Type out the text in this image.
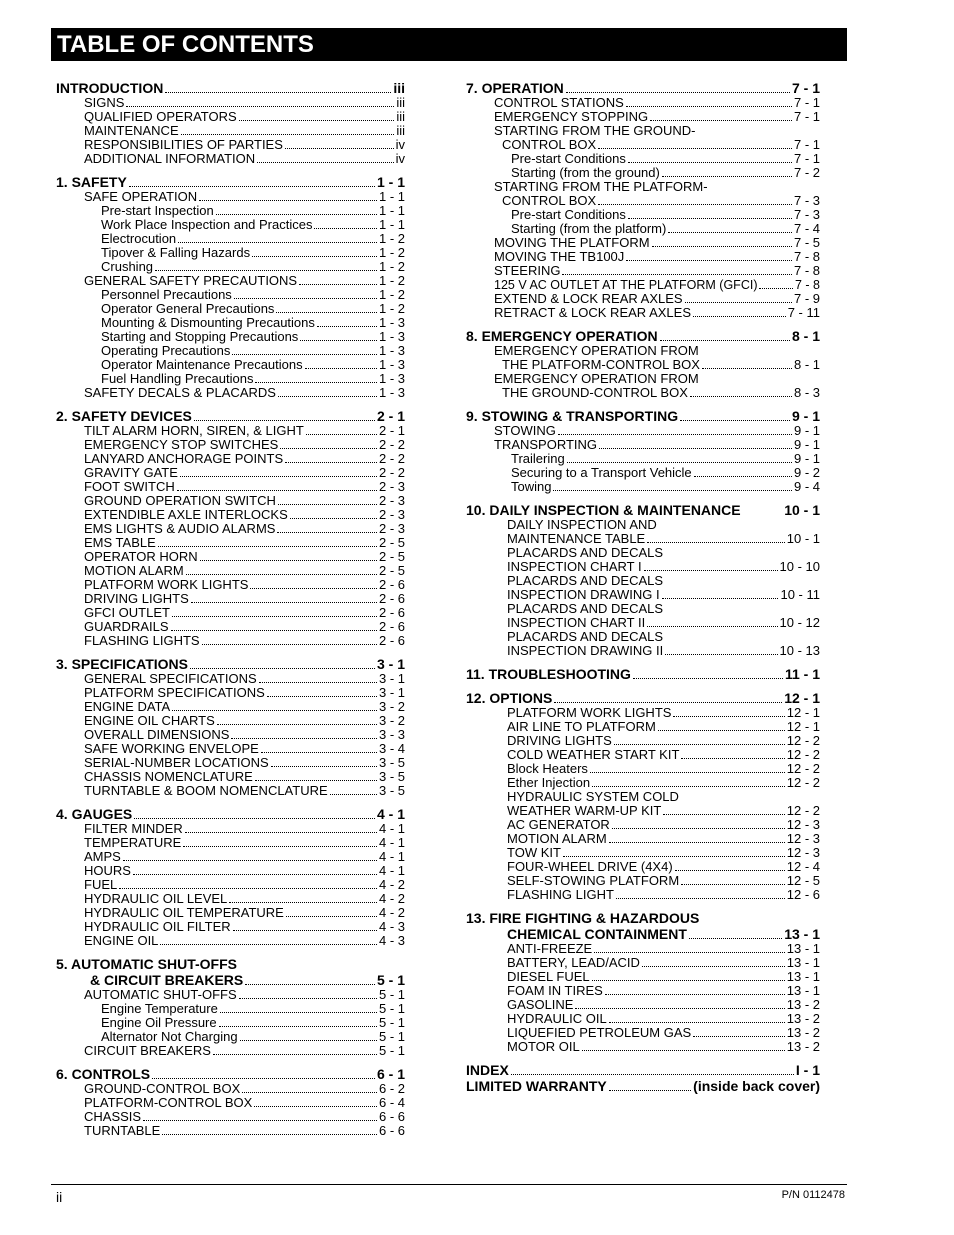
TABLE OF CONTENTS
INTRODUCTION	iii
SIGNS	iii
QUALIFIED OPERATORS	iii
MAINTENANCE	iii
RESPONSIBILITIES OF PARTIES	iv
ADDITIONAL INFORMATION	iv
1. SAFETY	1 - 1
SAFE OPERATION	1 - 1
Pre-start Inspection	1 - 1
Work Place Inspection and Practices	1 - 1
Electrocution	1 - 2
Tipover & Falling Hazards	1 - 2
Crushing	1 - 2
GENERAL SAFETY PRECAUTIONS	1 - 2
Personnel Precautions	1 - 2
Operator General Precautions	1 - 2
Mounting & Dismounting Precautions	1 - 3
Starting and Stopping Precautions	1 - 3
Operating Precautions	1 - 3
Operator Maintenance Precautions	1 - 3
Fuel Handling Precautions	1 - 3
SAFETY DECALS & PLACARDS	1 - 3
2. SAFETY DEVICES	2 - 1
TILT ALARM HORN, SIREN, & LIGHT	2 - 1
EMERGENCY STOP SWITCHES	2 - 2
LANYARD ANCHORAGE POINTS	2 - 2
GRAVITY GATE	2 - 2
FOOT SWITCH	2 - 3
GROUND OPERATION SWITCH	2 - 3
EXTENDIBLE AXLE INTERLOCKS	2 - 3
EMS LIGHTS & AUDIO ALARMS	2 - 3
EMS TABLE	2 - 5
OPERATOR HORN	2 - 5
MOTION ALARM	2 - 5
PLATFORM WORK LIGHTS	2 - 6
DRIVING LIGHTS	2 - 6
GFCI OUTLET	2 - 6
GUARDRAILS	2 - 6
FLASHING LIGHTS	2 - 6
3. SPECIFICATIONS	3 - 1
GENERAL SPECIFICATIONS	3 - 1
PLATFORM SPECIFICATIONS	3 - 1
ENGINE DATA	3 - 2
ENGINE OIL CHARTS	3 - 2
OVERALL DIMENSIONS	3 - 3
SAFE WORKING ENVELOPE	3 - 4
SERIAL-NUMBER LOCATIONS	3 - 5
CHASSIS NOMENCLATURE	3 - 5
TURNTABLE & BOOM NOMENCLATURE	3 - 5
4. GAUGES	4 - 1
FILTER MINDER	4 - 1
TEMPERATURE	4 - 1
AMPS	4 - 1
HOURS	4 - 1
FUEL	4 - 2
HYDRAULIC OIL LEVEL	4 - 2
HYDRAULIC OIL TEMPERATURE	4 - 2
HYDRAULIC OIL FILTER	4 - 3
ENGINE OIL	4 - 3
5. AUTOMATIC SHUT-OFFS
& CIRCUIT BREAKERS	5 - 1
AUTOMATIC SHUT-OFFS	5 - 1
Engine Temperature	5 - 1
Engine Oil Pressure	5 - 1
Alternator Not Charging	5 - 1
CIRCUIT BREAKERS	5 - 1
6. CONTROLS	6 - 1
GROUND-CONTROL BOX	6 - 2
PLATFORM-CONTROL BOX	6 - 4
CHASSIS	6 - 6
TURNTABLE	6 - 6
7. OPERATION	7 - 1
CONTROL STATIONS	7 - 1
EMERGENCY STOPPING	7 - 1
STARTING FROM THE GROUND-
CONTROL BOX	7 - 1
Pre-start Conditions	7 - 1
Starting (from the ground)	7 - 2
STARTING FROM THE PLATFORM-
CONTROL BOX	7 - 3
Pre-start Conditions	7 - 3
Starting (from the platform)	7 - 4
MOVING THE PLATFORM	7 - 5
MOVING THE TB100J	7 - 8
STEERING	7 - 8
125 V AC OUTLET AT THE PLATFORM (GFCI)	7 - 8
EXTEND & LOCK REAR AXLES	7 - 9
RETRACT & LOCK REAR AXLES	7 - 11
8. EMERGENCY OPERATION	8 - 1
EMERGENCY OPERATION FROM
THE PLATFORM-CONTROL BOX	8 - 1
EMERGENCY OPERATION FROM
THE GROUND-CONTROL BOX	8 - 3
9. STOWING & TRANSPORTING	9 - 1
STOWING	9 - 1
TRANSPORTING	9 - 1
Trailering	9 - 1
Securing to a Transport Vehicle	9 - 2
Towing	9 - 4
10. DAILY INSPECTION & MAINTENANCE	10 - 1
DAILY INSPECTION AND
MAINTENANCE TABLE	10 - 1
PLACARDS AND DECALS
INSPECTION CHART I	10 - 10
PLACARDS AND DECALS
INSPECTION DRAWING I	10 - 11
PLACARDS AND DECALS
INSPECTION CHART II	10 - 12
PLACARDS AND DECALS
INSPECTION DRAWING II	10 - 13
11. TROUBLESHOOTING	11 - 1
12. OPTIONS	12 - 1
PLATFORM WORK LIGHTS	12 - 1
AIR LINE TO PLATFORM	12 - 1
DRIVING LIGHTS	12 - 2
COLD WEATHER START KIT	12 - 2
Block Heaters	12 - 2
Ether Injection	12 - 2
HYDRAULIC SYSTEM COLD
WEATHER WARM-UP KIT	12 - 2
AC GENERATOR	12 - 3
MOTION ALARM	12 - 3
TOW KIT	12 - 3
FOUR-WHEEL DRIVE (4X4)	12 - 4
SELF-STOWING PLATFORM	12 - 5
FLASHING LIGHT	12 - 6
13. FIRE FIGHTING & HAZARDOUS
CHEMICAL CONTAINMENT	13 - 1
ANTI-FREEZE	13 - 1
BATTERY, LEAD/ACID	13 - 1
DIESEL FUEL	13 - 1
FOAM IN TIRES	13 - 1
GASOLINE	13 - 2
HYDRAULIC OIL	13 - 2
LIQUEFIED PETROLEUM GAS	13 - 2
MOTOR OIL	13 - 2
INDEX	I - 1
LIMITED WARRANTY	(inside back cover)
ii	P/N 0112478
